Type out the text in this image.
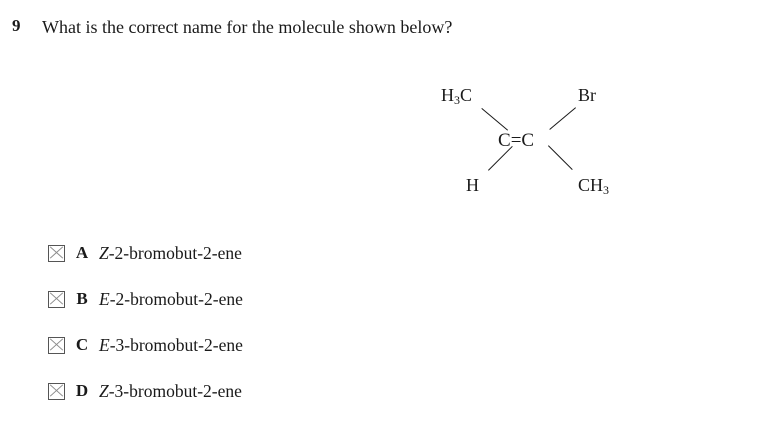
9	What is the correct name for the molecule shown below?
$H_3C$	Br
H	$CH_3$
C=C
A Z-2-bromobut-2-ene
B E-2-bromobut-2-ene
C E-3-bromobut-2-ene
D Z-3-bromobut-2-ene
